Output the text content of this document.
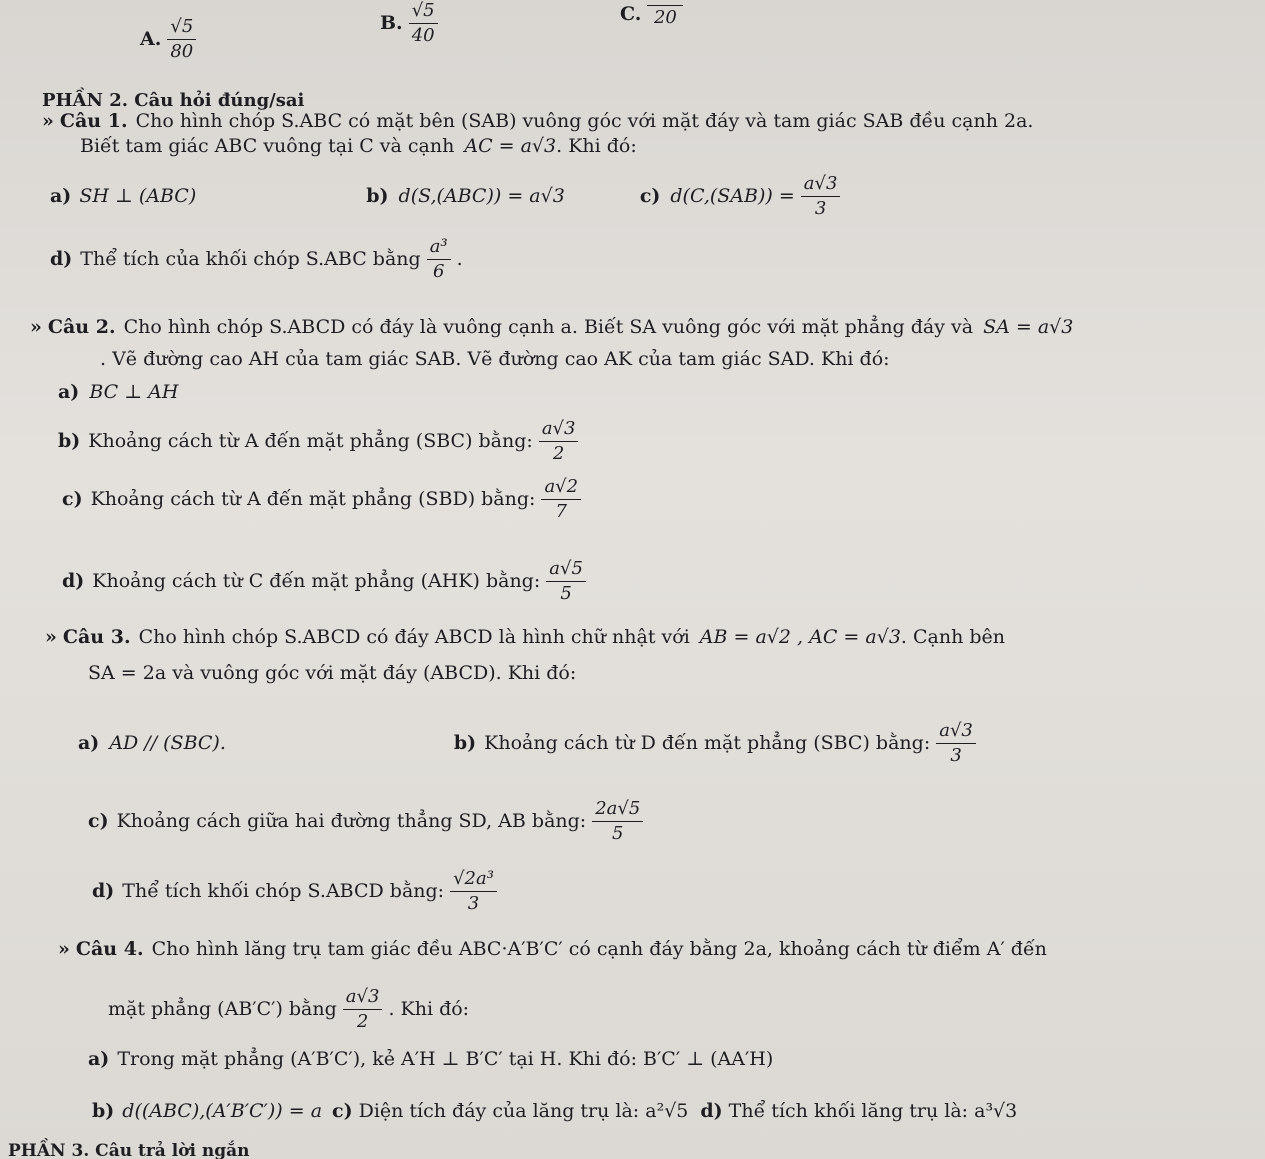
A. $\frac{√5}{80}$	B. $\frac{√5}{40}$	C. 20
PHẦN 2. Câu hỏi đúng/sai
» Câu 1. Cho hình chóp S.ABC có mặt bên (SAB) vuông góc với mặt đáy và tam giác SAB đều cạnh 2a.
Biết tam giác ABC vuông tại C và cạnh AC = a√3 . Khi đó:
a) SH ⊥ (ABC)	b) d(S,(ABC)) = a√3	c) $d(C,(SAB)) = \frac{a√3}{3}$
d) Thể tích của khối chóp S.ABC bằng $\frac{\text{a³}}{6}$ .
» Câu 2. Cho hình chóp S.ABCD có đáy là vuông cạnh a. Biết SA vuông góc với mặt phẳng đáy và SA = a√3
. Vẽ đường cao AH của tam giác SAB. Vẽ đường cao AK của tam giác SAD. Khi đó:
a) BC ⊥ AH
b) Khoảng cách từ A đến mặt phẳng (SBC) bằng: $\frac{a√3}{2}$
c) Khoảng cách từ A đến mặt phẳng (SBD) bằng: $\frac{a√2}{7}$
d) Khoảng cách từ C đến mặt phẳng (AHK) bằng: $\frac{a√5}{5}$
» Câu 3. Cho hình chóp S.ABCD có đáy ABCD là hình chữ nhật với AB = a√2 , AC = a√3 . Cạnh bên
SA = 2a và vuông góc với mặt đáy (ABCD). Khi đó:
a) AD // (SBC).	b) Khoảng cách từ D đến mặt phẳng (SBC) bằng: $\frac{a√3}{3}$
c) Khoảng cách giữa hai đường thẳng SD, AB bằng: $\frac{2a√5}{5}$
d) Thể tích khối chóp S.ABCD bằng: $\frac{\text{√2a³}}{3}$
» Câu 4. Cho hình lăng trụ tam giác đều ABC·A′B′C′ có cạnh đáy bằng 2a, khoảng cách từ điểm A′ đến
mặt phẳng (AB′C′) bằng $\frac{a√3}{2}$ . Khi đó:
a) Trong mặt phẳng (A′B′C′), kẻ A′H ⊥ B′C′ tại H. Khi đó: B′C′ ⊥ (AA′H)
b) d((ABC),(A′B′C′)) = a c) Diện tích đáy của lăng trụ là: a²√5 d) Thể tích khối lăng trụ là: a³√3
PHẦN 3. Câu trả lời ngắn
